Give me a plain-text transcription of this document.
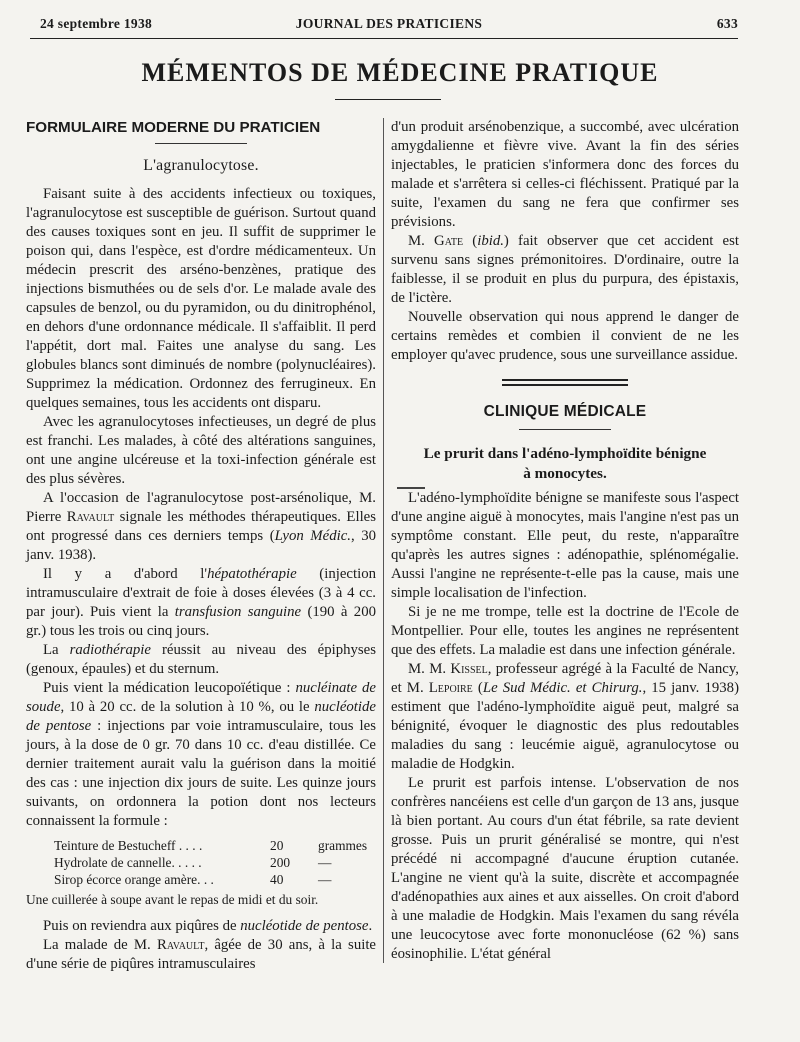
24 septembre 1938	JOURNAL DES PRATICIENS	633
MÉMENTOS DE MÉDECINE PRATIQUE
FORMULAIRE MODERNE DU PRATICIEN
L'agranulocytose.

Faisant suite à des accidents infectieux ou toxiques, l'agranulocytose est susceptible de guérison. Surtout quand des causes toxiques sont en jeu. Il suffit de supprimer le poison qui, dans l'espèce, est d'ordre médicamenteux. Un médecin prescrit des arséno-benzènes, pratique des injections bismuthées ou de sels d'or. Le malade avale des capsules de benzol, ou du pyramidon, ou du dinitrophénol, en dehors d'une ordonnance médicale. Il s'affaiblit. Il perd l'appétit, dort mal. Faites une analyse du sang. Les globules blancs sont diminués de nombre (polynucléaires). Supprimez la médication. Ordonnez des ferrugineux. En quelques semaines, tous les accidents ont disparu.

Avec les agranulocytoses infectieuses, un degré de plus est franchi. Les malades, à côté des altérations sanguines, ont une angine ulcéreuse et la toxi-infection générale est des plus sévères.

A l'occasion de l'agranulocytose post-arsénolique, M. Pierre Ravault signale les méthodes thérapeutiques. Elles ont progressé dans ces derniers temps (Lyon Médic., 30 janv. 1938).

Il y a d'abord l'hépatothérapie (injection intramusculaire d'extrait de foie à doses élevées (3 à 4 cc. par jour). Puis vient la transfusion sanguine (190 à 200 gr.) tous les trois ou cinq jours.

La radiothérapie réussit au niveau des épiphyses (genoux, épaules) et du sternum.

Puis vient la médication leucopoïétique : nucléinate de soude, 10 à 20 cc. de la solution à 10 %, ou le nucléotide de pentose : injections par voie intramusculaire, tous les jours, à la dose de 0 gr. 70 dans 10 cc. d'eau distillée. Ce dernier traitement aurait valu la guérison dans la moitié des cas : une injection dix jours de suite. Les quinze jours suivants, on ordonnera la potion dont nos lecteurs connaissent la formule :

Teinture de Bestucheff . . . .	20	grammes
Hydrolate de cannelle. . . . .	200 —
Sirop écorce orange amère. . .	40	—
Une cuillerée à soupe avant le repas de midi et du soir.

Puis on reviendra aux piqûres de nucléotide de pentose.

La malade de M. Ravault, âgée de 30 ans, à la suite d'une série de piqûres intramusculaires

d'un produit arsénobenzique, a succombé, avec ulcération amygdalienne et fièvre vive. Avant la fin des séries injectables, le praticien s'informera donc des forces du malade et s'arrêtera si celles-ci fléchissent. Pratiqué par la suite, l'examen du sang ne fera que confirmer ses prévisions.

M. Gate (ibid.) fait observer que cet accident est survenu sans signes prémonitoires. D'ordinaire, outre la faiblesse, il se produit en plus du purpura, des épistaxis, de l'ictère.

Nouvelle observation qui nous apprend le danger de certains remèdes et combien il convient de ne les employer qu'avec prudence, sous une surveillance assidue.

CLINIQUE MÉDICALE
Le prurit dans l'adéno-lymphoïdite bénigne
à monocytes.

L'adéno-lymphoïdite bénigne se manifeste sous l'aspect d'une angine aiguë à monocytes, mais l'angine n'est pas un symptôme constant. Elle peut, du reste, n'apparaître qu'après les autres signes : adénopathie, splénomégalie. Aussi l'angine ne représente-t-elle pas la cause, mais une simple localisation de l'infection.

Si je ne me trompe, telle est la doctrine de l'Ecole de Montpellier. Pour elle, toutes les angines ne représentent que des effets. La maladie est dans une infection générale.

M. M. Kissel, professeur agrégé à la Faculté de Nancy, et M. Lepoire (Le Sud Médic. et Chirurg., 15 janv. 1938) estiment que l'adéno-lymphoïdite aiguë peut, malgré sa bénignité, évoquer le diagnostic des plus redoutables maladies du sang : leucémie aiguë, agranulocytose ou maladie de Hodgkin.

Le prurit est parfois intense. L'observation de nos confrères nancéiens est celle d'un garçon de 13 ans, jusque là bien portant. Au cours d'un état fébrile, sa rate devient grosse. Puis un prurit généralisé se montre, qui n'est précédé ni accompagné d'aucune éruption cutanée. L'angine ne vient qu'à la suite, discrète et accompagnée d'adénopathies aux aines et aux aisselles. On croit d'abord à une maladie de Hodgkin. Mais l'examen du sang révéla une leucocytose avec forte mononucléose (62 %) sans éosinophilie. L'état général
